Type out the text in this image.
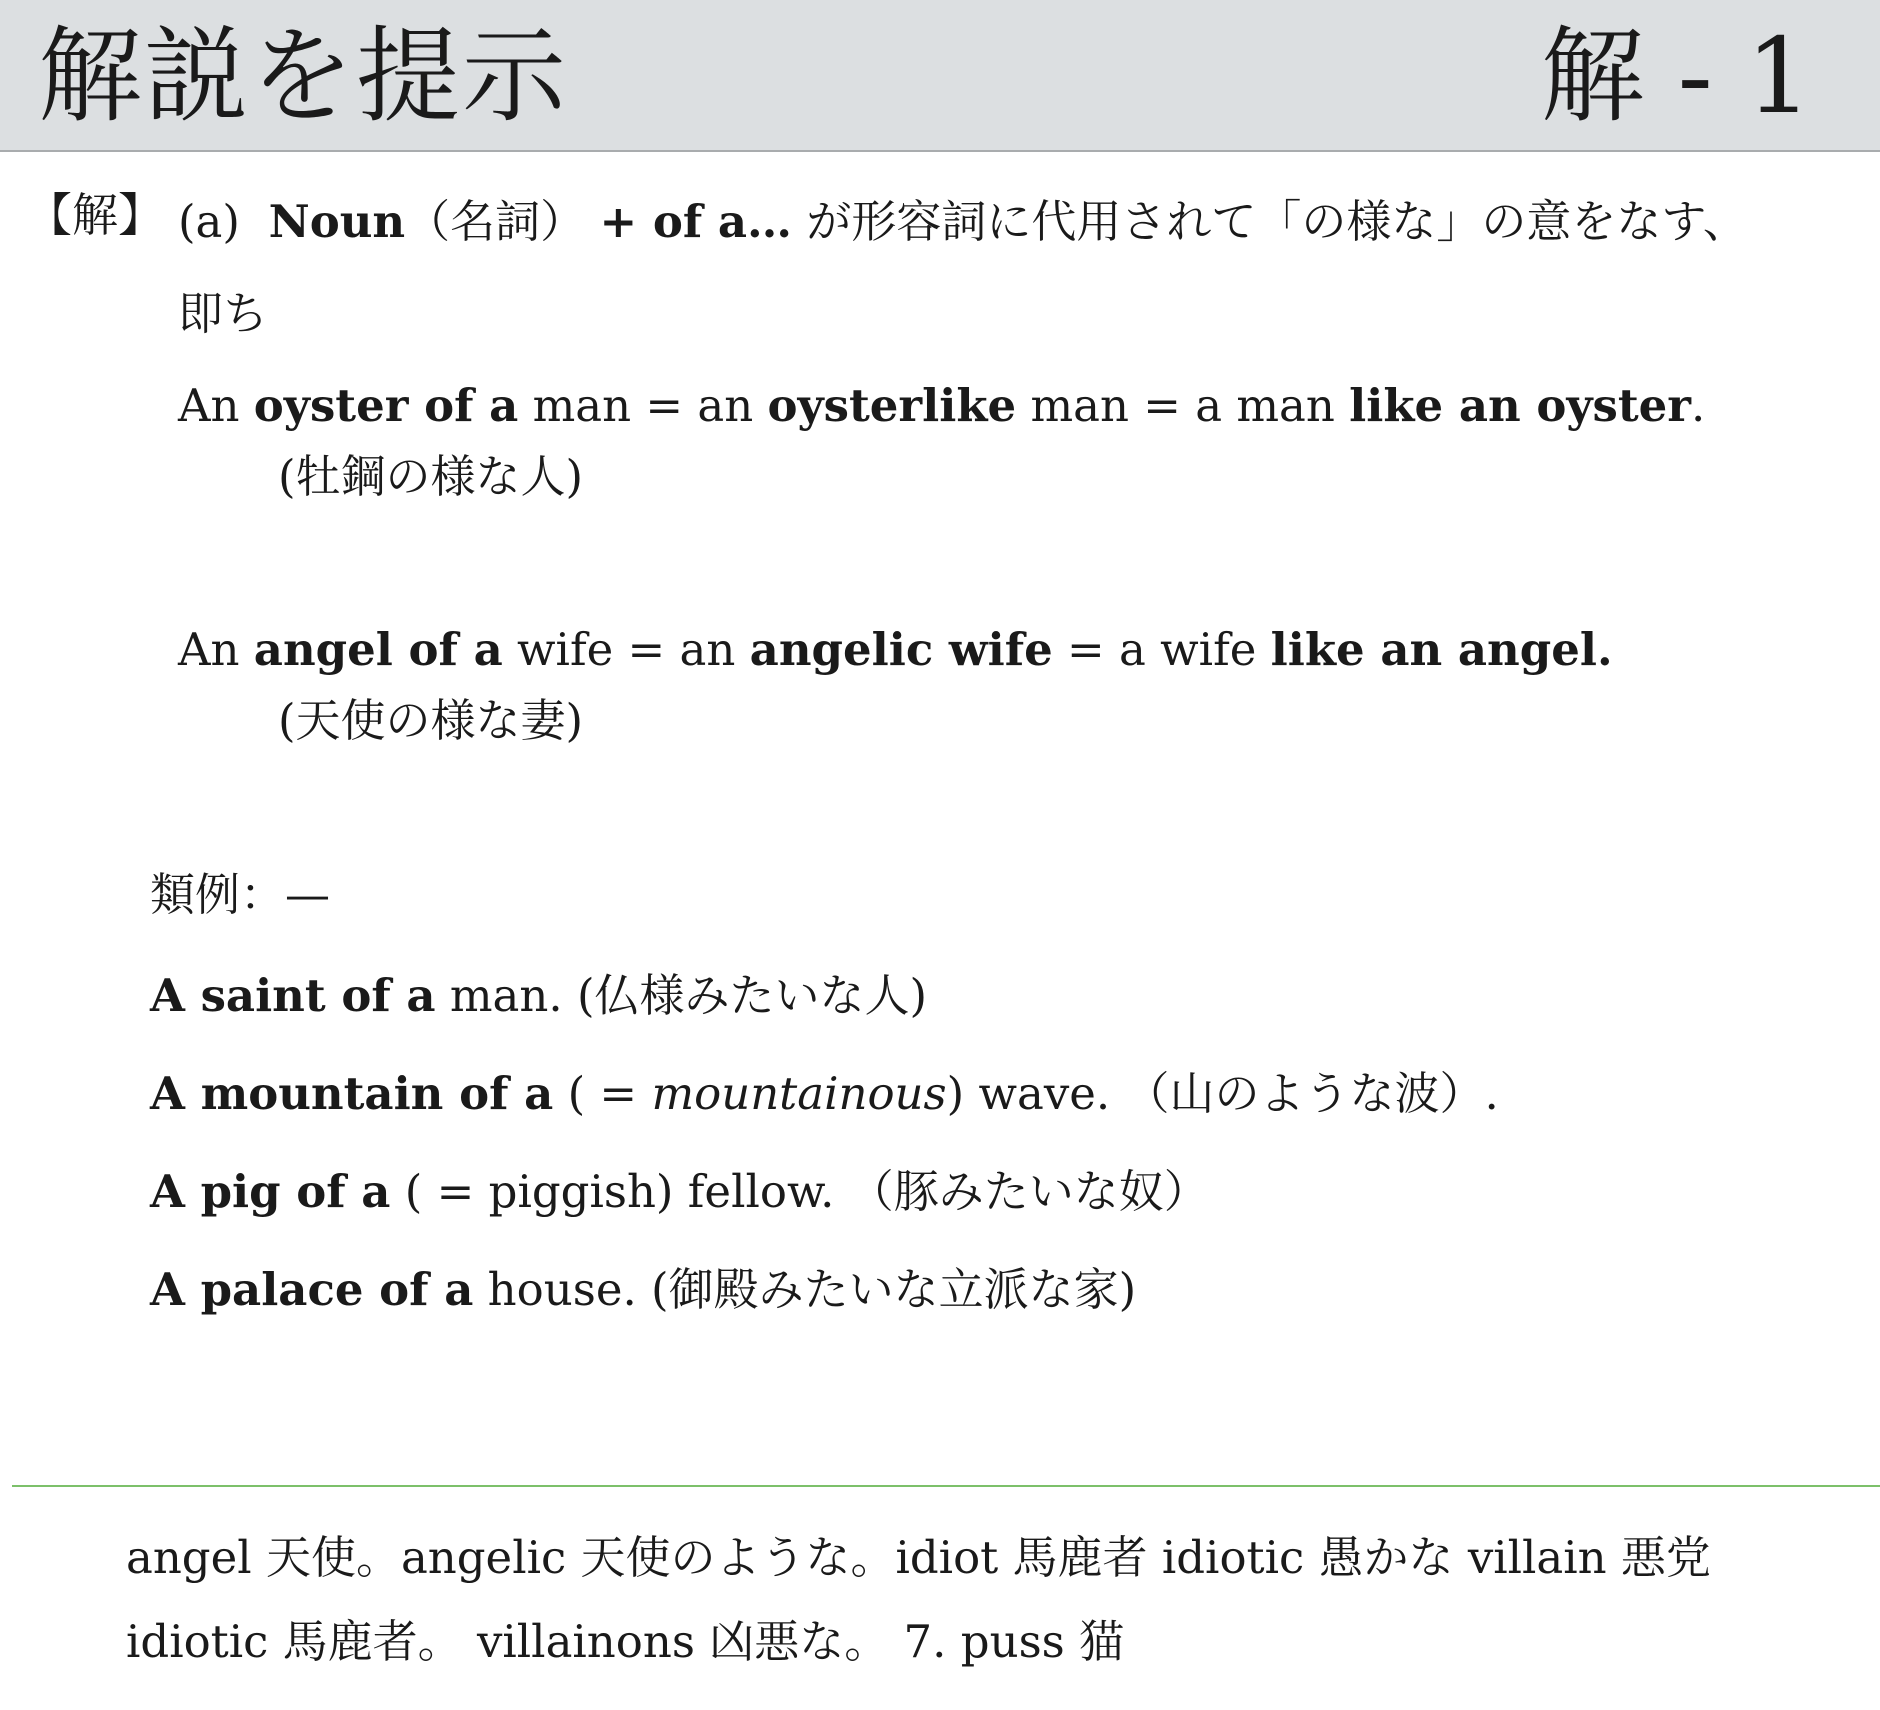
解説を提示	解 - 1
【解】 (a) Noun（名詞） + of a… が形容詞に代用されて「の様な」の意をなす、
即ち
An oyster of a man = an oysterlike man = a man like an oyster.
(牡鋼の様な人)
An angel of a wife = an angelic wife = a wife like an angel.
(天使の様な妻)
類例：—
A saint of a man. (仏様みたいな人)
A mountain of a ( = mountainous) wave. （山のような波）.
A pig of a ( = piggish) fellow. （豚みたいな奴）
A palace of a house. (御殿みたいな立派な家)
angel 天使。angelic 天使のような。idiot 馬鹿者 idiotic 愚かな villain 悪党
idiotic 馬鹿者。 villainons 凶悪な。 7. puss 猫
